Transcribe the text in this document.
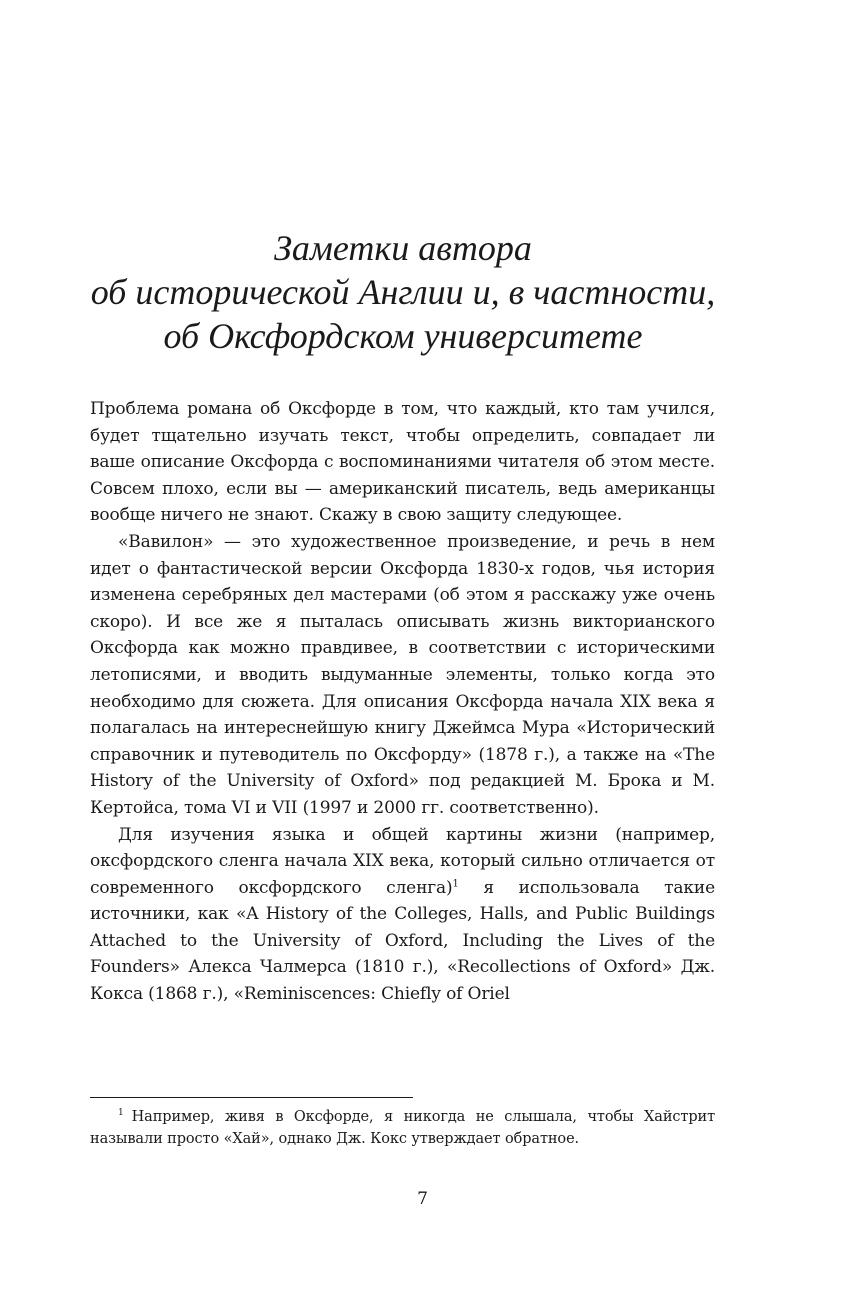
Заметки автора
об исторической Англии и, в частности,
об Оксфордском университете

Проблема романа об Оксфорде в том, что каждый, кто там учился, будет тщательно изучать текст, чтобы определить, совпадает ли ваше описание Оксфорда с воспоминаниями читателя об этом месте. Совсем плохо, если вы — американский писатель, ведь американцы вообще ничего не знают. Скажу в свою защиту следующее.

«Вавилон» — это художественное произведение, и речь в нем идет о фантастической версии Оксфорда 1830-х годов, чья история изменена серебряных дел мастерами (об этом я расскажу уже очень скоро). И все же я пыталась описывать жизнь викторианского Оксфорда как можно правдивее, в соответствии с историческими летописями, и вводить выдуманные элементы, только когда это необходимо для сюжета. Для описания Оксфорда начала XIX века я полагалась на интереснейшую книгу Джеймса Мура «Исторический справочник и путеводитель по Оксфорду» (1878 г.), а также на «The History of the University of Oxford» под редакцией М. Брока и М. Кертойса, тома VI и VII (1997 и 2000 гг. соответственно).

Для изучения языка и общей картины жизни (например, оксфордского сленга начала XIX века, который сильно отличается от современного оксфордского сленга)$^1$ я использовала такие источники, как «A History of the Colleges, Halls, and Public Buildings Attached to the University of Oxford, Including the Lives of the Founders» Алекса Чалмерса (1810 г.), «Recollections of Oxford» Дж. Кокса (1868 г.), «Reminiscences: Chiefly of Oriel

$^1$ Например, живя в Оксфорде, я никогда не слышала, чтобы Хайстрит называли просто «Хай», однако Дж. Кокс утверждает обратное.
7
